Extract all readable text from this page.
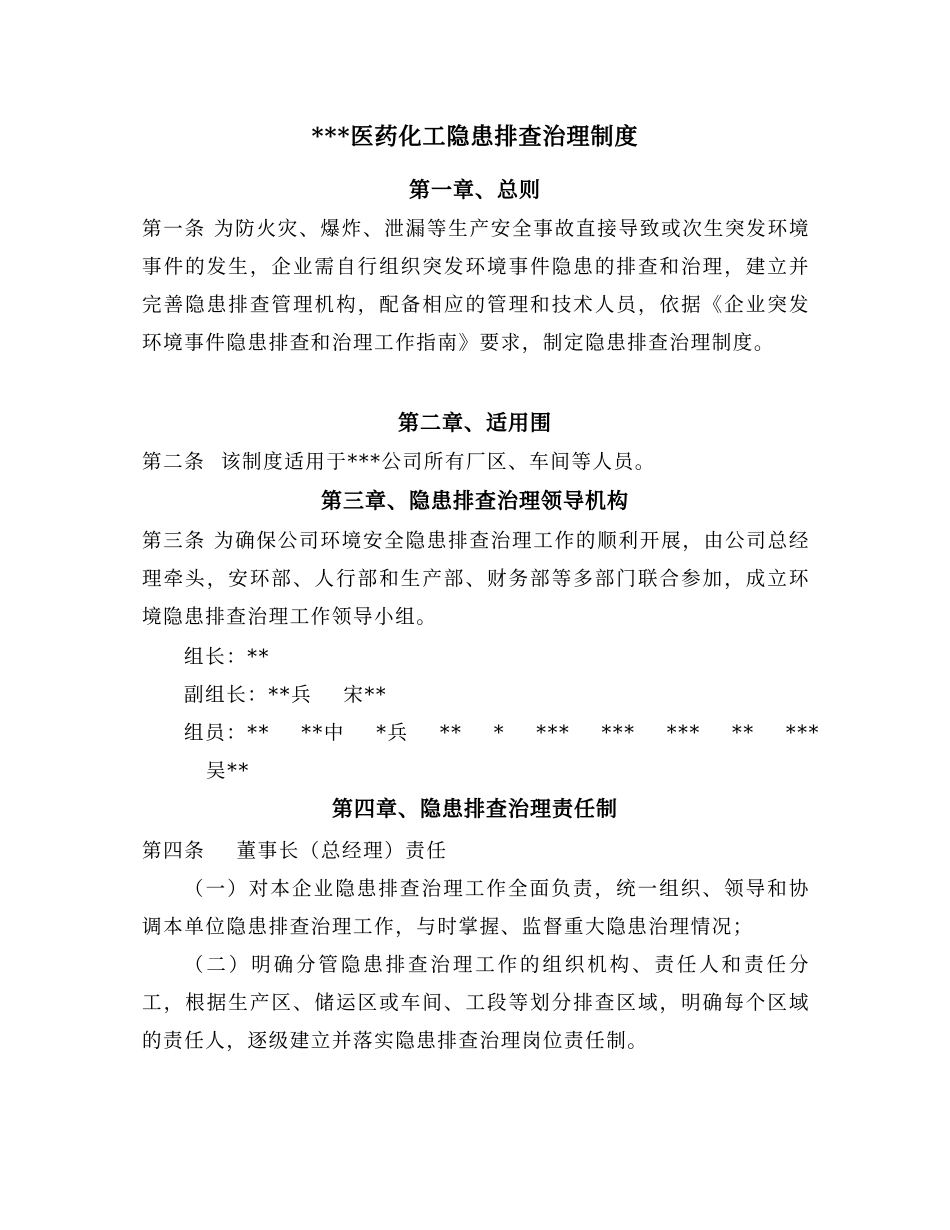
***医药化工隐患排查治理制度
第一章、总则
第一条 为防火灾、爆炸、泄漏等生产安全事故直接导致或次生突发环境事件的发生，企业需自行组织突发环境事件隐患的排查和治理，建立并完善隐患排查管理机构，配备相应的管理和技术人员，依据《企业突发环境事件隐患排查和治理工作指南》要求，制定隐患排查治理制度。
第二章、适用围
第二条  该制度适用于***公司所有厂区、车间等人员。
第三章、隐患排查治理领导机构
第三条 为确保公司环境安全隐患排查治理工作的顺利开展，由公司总经理牵头，安环部、人行部和生产部、财务部等多部门联合参加，成立环境隐患排查治理工作领导小组。
组长：**
副组长：**兵    宋**
组员：**    **中    *兵    **    *    ***    ***    ***    **    ***
吴**
第四章、隐患排查治理责任制
第四条    董事长（总经理）责任
（一）对本企业隐患排查治理工作全面负责，统一组织、领导和协调本单位隐患排查治理工作，与时掌握、监督重大隐患治理情况；
（二）明确分管隐患排查治理工作的组织机构、责任人和责任分工，根据生产区、储运区或车间、工段等划分排查区域，明确每个区域的责任人，逐级建立并落实隐患排查治理岗位责任制。
